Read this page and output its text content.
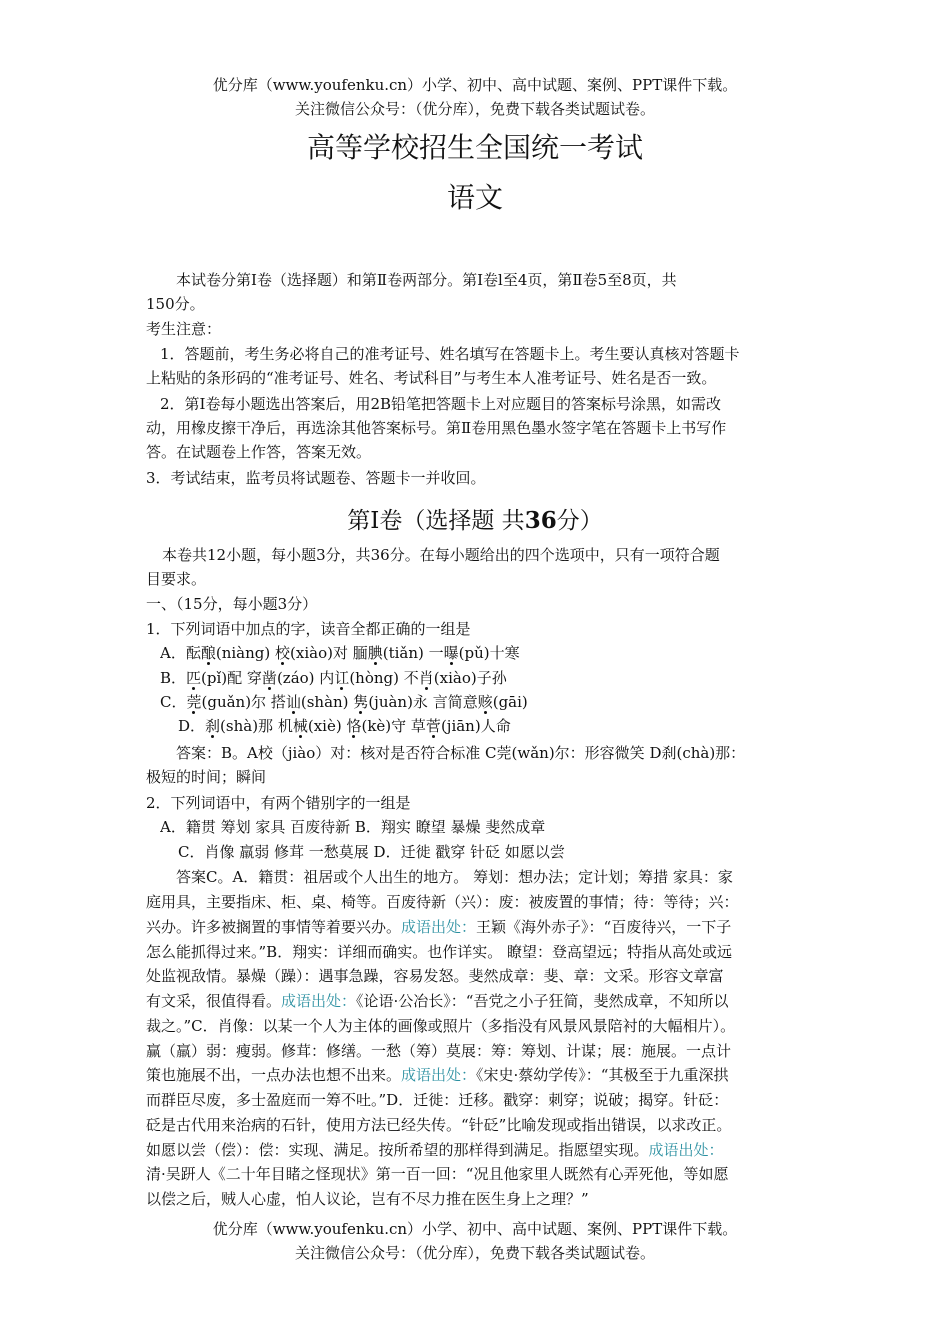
优分库（www.youfenku.cn）小学、初中、高中试题、案例、PPT课件下载。
关注微信公众号：（优分库），免费下载各类试题试卷。
高等学校招生全国统一考试
语文
本试卷分第Ⅰ卷（选择题）和第Ⅱ卷两部分。第Ⅰ卷l至4页，第Ⅱ卷5至8页，共
150分。
考生注意：
1．答题前，考生务必将自己的准考证号、姓名填写在答题卡上。考生要认真核对答题卡
上粘贴的条形码的“准考证号、姓名、考试科目”与考生本人准考证号、姓名是否一致。
2．第Ⅰ卷每小题选出答案后，用2B铅笔把答题卡上对应题目的答案标号涂黑，如需改
动，用橡皮擦干净后，再选涂其他答案标号。第Ⅱ卷用黑色墨水签字笔在答题卡上书写作
答。在试题卷上作答，答案无效。
3．考试结束，监考员将试题卷、答题卡一并收回。
第Ⅰ卷（选择题 共36分）
本卷共12小题，每小题3分，共36分。在每小题给出的四个选项中，只有一项符合题
目要求。
一、（15分，每小题3分）
1．下列词语中加点的字，读音全都正确的一组是
A．酝酿(niàng) 校(xiào)对 腼腆(tiǎn) 一曝(pǔ)十寒
B．匹(pǐ)配 穿凿(záo) 内讧(hòng) 不肖(xiào)子孙
C．莞(guǎn)尔 搭讪(shàn) 隽(juàn)永 言简意赅(gāi)
D．刹(shà)那 机械(xiè) 恪(kè)守 草菅(jiān)人命
答案：B。A校（jiào）对：核对是否符合标准 C莞(wǎn)尔：形容微笑 D刹(chà)那：
极短的时间；瞬间
2．下列词语中，有两个错别字的一组是
A．籍贯 筹划 家具 百废待新 B．翔实 瞭望 暴燥 斐然成章
C．肖像 羸弱 修茸 一愁莫展 D．迁徙 戳穿 针砭 如愿以尝
答案C。A．籍贯：祖居或个人出生的地方。 筹划：想办法；定计划；筹措 家具：家
庭用具，主要指床、柜、桌、椅等。百废待新（兴）：废：被废置的事情；待：等待；兴：
兴办。许多被搁置的事情等着要兴办。成语出处：王颖《海外赤子》：“百废待兴，一下子
怎么能抓得过来。”B．翔实：详细而确实。也作详实。 瞭望：登高望远；特指从高处或远
处监视敌情。暴燥（躁）：遇事急躁，容易发怒。斐然成章：斐、章：文采。形容文章富
有文采，很值得看。成语出处：《论语·公冶长》：“吾党之小子狂简，斐然成章，不知所以
裁之。”C．肖像：以某一个人为主体的画像或照片（多指没有风景风景陪衬的大幅相片）。
赢（羸）弱：瘦弱。修茸：修缮。一愁（筹）莫展：筹：筹划、计谋；展：施展。一点计
策也施展不出，一点办法也想不出来。成语出处：《宋史·蔡幼学传》：“其极至于九重深拱
而群臣尽废，多士盈庭而一筹不吐。”D．迁徙：迁移。戳穿：刺穿；说破；揭穿。针砭：
砭是古代用来治病的石针，使用方法已经失传。“针砭”比喻发现或指出错误，以求改正。
如愿以尝（偿）：偿：实现、满足。按所希望的那样得到满足。指愿望实现。成语出处：
清·吴趼人《二十年目睹之怪现状》第一百一回：“况且他家里人既然有心弄死他，等如愿
以偿之后，贼人心虚，怕人议论，岂有不尽力推在医生身上之理？”
优分库（www.youfenku.cn）小学、初中、高中试题、案例、PPT课件下载。
关注微信公众号：（优分库），免费下载各类试题试卷。
